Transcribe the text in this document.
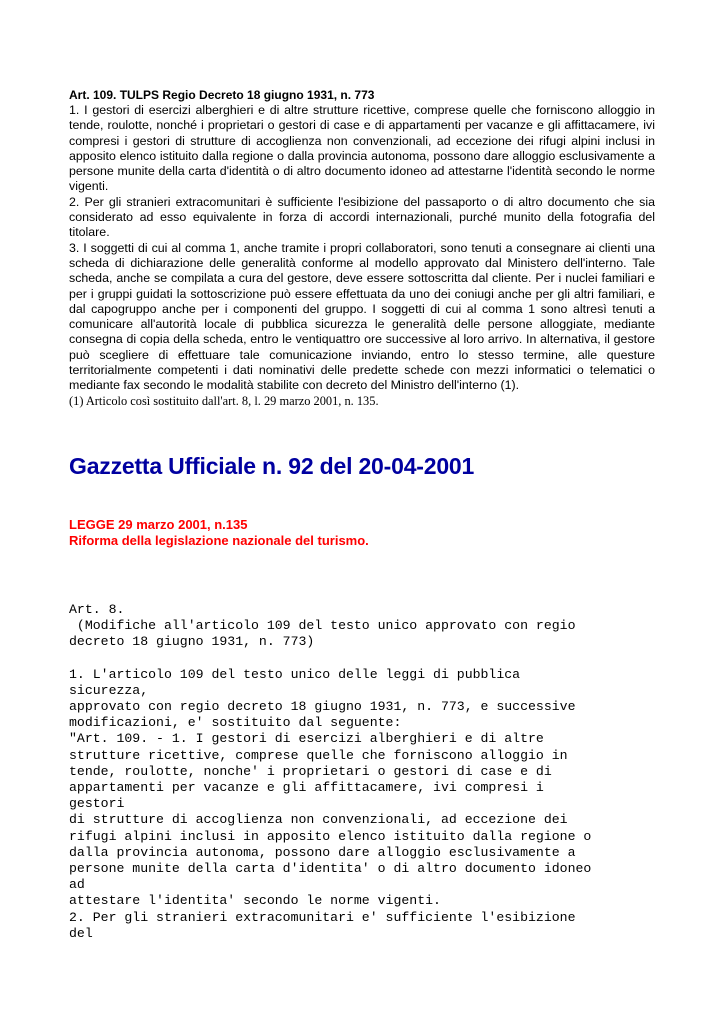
Art. 109. TULPS Regio Decreto 18 giugno 1931, n. 773

1. I gestori di esercizi alberghieri e di altre strutture ricettive, comprese quelle che forniscono alloggio in tende, roulotte, nonché i proprietari o gestori di case e di appartamenti per vacanze e gli affittacamere, ivi compresi i gestori di strutture di accoglienza non convenzionali, ad eccezione dei rifugi alpini inclusi in apposito elenco istituito dalla regione o dalla provincia autonoma, possono dare alloggio esclusivamente a persone munite della carta d'identità o di altro documento idoneo ad attestarne l'identità secondo le norme vigenti.

2. Per gli stranieri extracomunitari è sufficiente l'esibizione del passaporto o di altro documento che sia considerato ad esso equivalente in forza di accordi internazionali, purché munito della fotografia del titolare.

3. I soggetti di cui al comma 1, anche tramite i propri collaboratori, sono tenuti a consegnare ai clienti una scheda di dichiarazione delle generalità conforme al modello approvato dal Ministero dell'interno. Tale scheda, anche se compilata a cura del gestore, deve essere sottoscritta dal cliente. Per i nuclei familiari e per i gruppi guidati la sottoscrizione può essere effettuata da uno dei coniugi anche per gli altri familiari, e dal capogruppo anche per i componenti del gruppo. I soggetti di cui al comma 1 sono altresì tenuti a comunicare all'autorità locale di pubblica sicurezza le generalità delle persone alloggiate, mediante consegna di copia della scheda, entro le ventiquattro ore successive al loro arrivo. In alternativa, il gestore può scegliere di effettuare tale comunicazione inviando, entro lo stesso termine, alle questure territorialmente competenti i dati nominativi delle predette schede con mezzi informatici o telematici o mediante fax secondo le modalità stabilite con decreto del Ministro dell'interno (1).

(1) Articolo così sostituito dall'art. 8, l. 29 marzo 2001, n. 135.

Gazzetta Ufficiale n. 92 del 20-04-2001

LEGGE 29 marzo 2001, n.135

Riforma della legislazione nazionale del turismo.

Art. 8.

(Modifiche all'articolo 109 del testo unico approvato con regio

decreto 18 giugno 1931, n. 773)

1. L'articolo 109 del testo unico delle leggi di pubblica

sicurezza,

approvato con regio decreto 18 giugno 1931, n. 773, e successive

modificazioni, e' sostituito dal seguente:

"Art. 109. - 1. I gestori di esercizi alberghieri e di altre

strutture ricettive, comprese quelle che forniscono alloggio in

tende, roulotte, nonche' i proprietari o gestori di case e di

appartamenti per vacanze e gli affittacamere, ivi compresi i

gestori

di strutture di accoglienza non convenzionali, ad eccezione dei

rifugi alpini inclusi in apposito elenco istituito dalla regione o

dalla provincia autonoma, possono dare alloggio esclusivamente a

persone munite della carta d'identita' o di altro documento idoneo

ad

attestare l'identita' secondo le norme vigenti.

2. Per gli stranieri extracomunitari e' sufficiente l'esibizione

del
